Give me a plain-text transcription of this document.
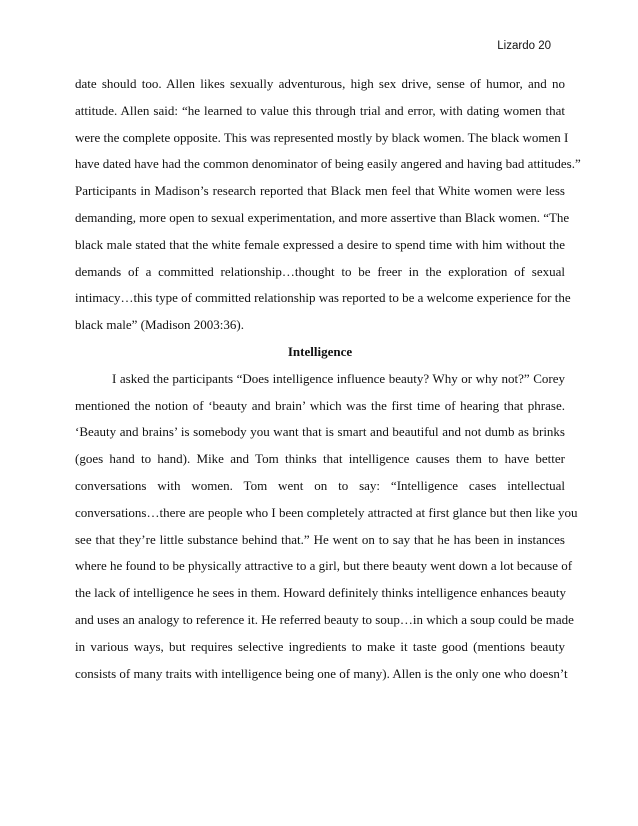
Lizardo 20
date should too. Allen likes sexually adventurous, high sex drive, sense of humor, and no
attitude. Allen said: “he learned to value this through trial and error, with dating women that
were the complete opposite. This was represented mostly by black women. The black women I
have dated have had the common denominator of being easily angered and having bad attitudes.”
Participants in Madison’s research reported that Black men feel that White women were less
demanding, more open to sexual experimentation, and more assertive than Black women. “The
black male stated that the white female expressed a desire to spend time with him without the
demands of a committed relationship…thought to be freer in the exploration of sexual
intimacy…this type of committed relationship was reported to be a welcome experience for the
black male” (Madison 2003:36).
Intelligence
I asked the participants “Does intelligence influence beauty? Why or why not?” Corey
mentioned the notion of ‘beauty and brain’ which was the first time of hearing that phrase.
‘Beauty and brains’ is somebody you want that is smart and beautiful and not dumb as brinks
(goes hand to hand). Mike and Tom thinks that intelligence causes them to have better
conversations with women. Tom went on to say: “Intelligence cases intellectual
conversations…there are people who I been completely attracted at first glance but then like you
see that they’re little substance behind that.” He went on to say that he has been in instances
where he found to be physically attractive to a girl, but there beauty went down a lot because of
the lack of intelligence he sees in them. Howard definitely thinks intelligence enhances beauty
and uses an analogy to reference it. He referred beauty to soup…in which a soup could be made
in various ways, but requires selective ingredients to make it taste good (mentions beauty
consists of many traits with intelligence being one of many). Allen is the only one who doesn’t
